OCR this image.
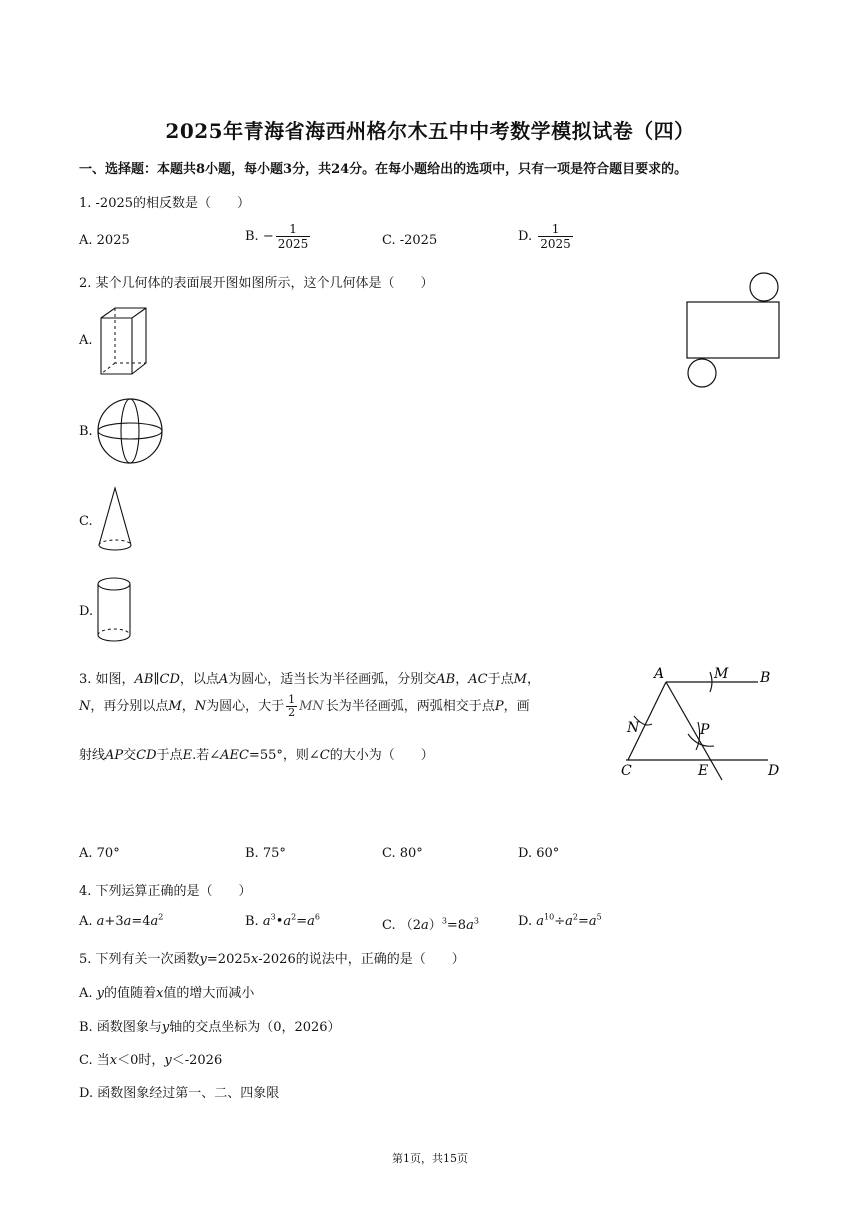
2025年青海省海西州格尔木五中中考数学模拟试卷（四）
一、选择题：本题共8小题，每小题3分，共24分。在每小题给出的选项中，只有一项是符合题目要求的。
1. -2025的相反数是（　　）
A. 2025	B. − $\frac{1}{2025}$	C. -2025	D. $\frac{1}{2025}$
2. 某个几何体的表面展开图如图所示，这个几何体是（　　）
A.
B.
C.
D.
3. 如图，AB∥CD，以点A为圆心，适当长为半径画弧，分别交AB，AC于点M，
N，再分别以点M，N为圆心，大于 $\frac{1}{2}$ MN 长为半径画弧，两弧相交于点P，画
射线AP交CD于点E.若∠AEC=55°，则∠C的大小为（　　）
A	M B
N	P
C	E	D
A. 70°	B. 75°	C. 80°	D. 60°
4. 下列运算正确的是（　　）
A. $a+3a=4a^2$	B. $a^3•a^2=a^6$
C. $(2a)^3=8a^3$	D. $a^{10}\div a^2=a^5$
5. 下列有关一次函数y=2025x-2026的说法中，正确的是（　　）
A. y的值随着x值的增大而减小
B. 函数图象与y轴的交点坐标为（0，2026）
C. 当x＜0时，y＜-2026
D. 函数图象经过第一、二、四象限
第1页，共15页
